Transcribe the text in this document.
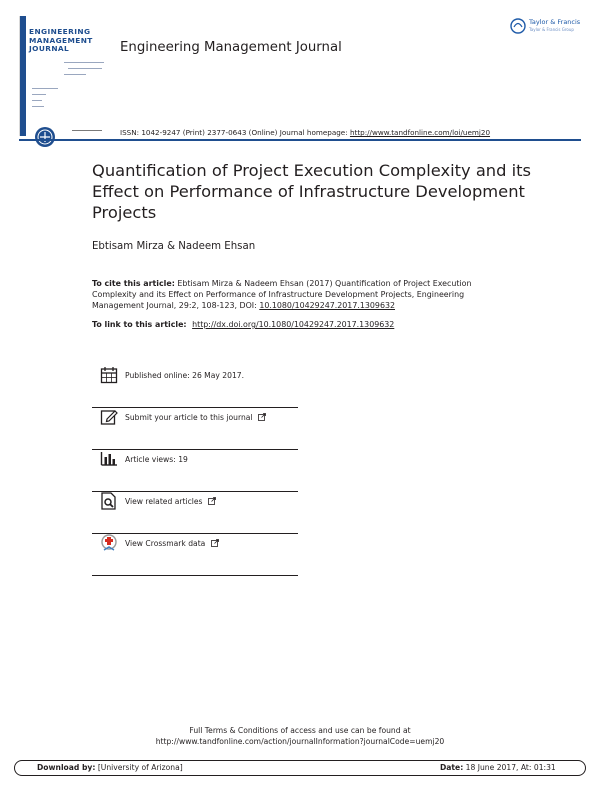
ENGINEERING
MANAGEMENT
JOURNAL	Engineering Management Journal
Taylor & Francis
Taylor & Francis Group
ISSN: 1042-9247 (Print) 2377-0643 (Online) Journal homepage: http://www.tandfonline.com/loi/uemj20
Quantification of Project Execution Complexity and its Effect on Performance of Infrastructure Development Projects
Ebtisam Mirza & Nadeem Ehsan
To cite this article: Ebtisam Mirza & Nadeem Ehsan (2017) Quantification of Project Execution Complexity and its Effect on Performance of Infrastructure Development Projects, Engineering Management Journal, 29:2, 108-123, DOI: 10.1080/10429247.2017.1309632
To link to this article: http://dx.doi.org/10.1080/10429247.2017.1309632
Published online: 26 May 2017.
Submit your article to this journal
Article views: 19
View related articles
View Crossmark data
Full Terms & Conditions of access and use can be found at
http://www.tandfonline.com/action/journalInformation?journalCode=uemj20
Download by: [University of Arizona]	Date: 18 June 2017, At: 01:31
